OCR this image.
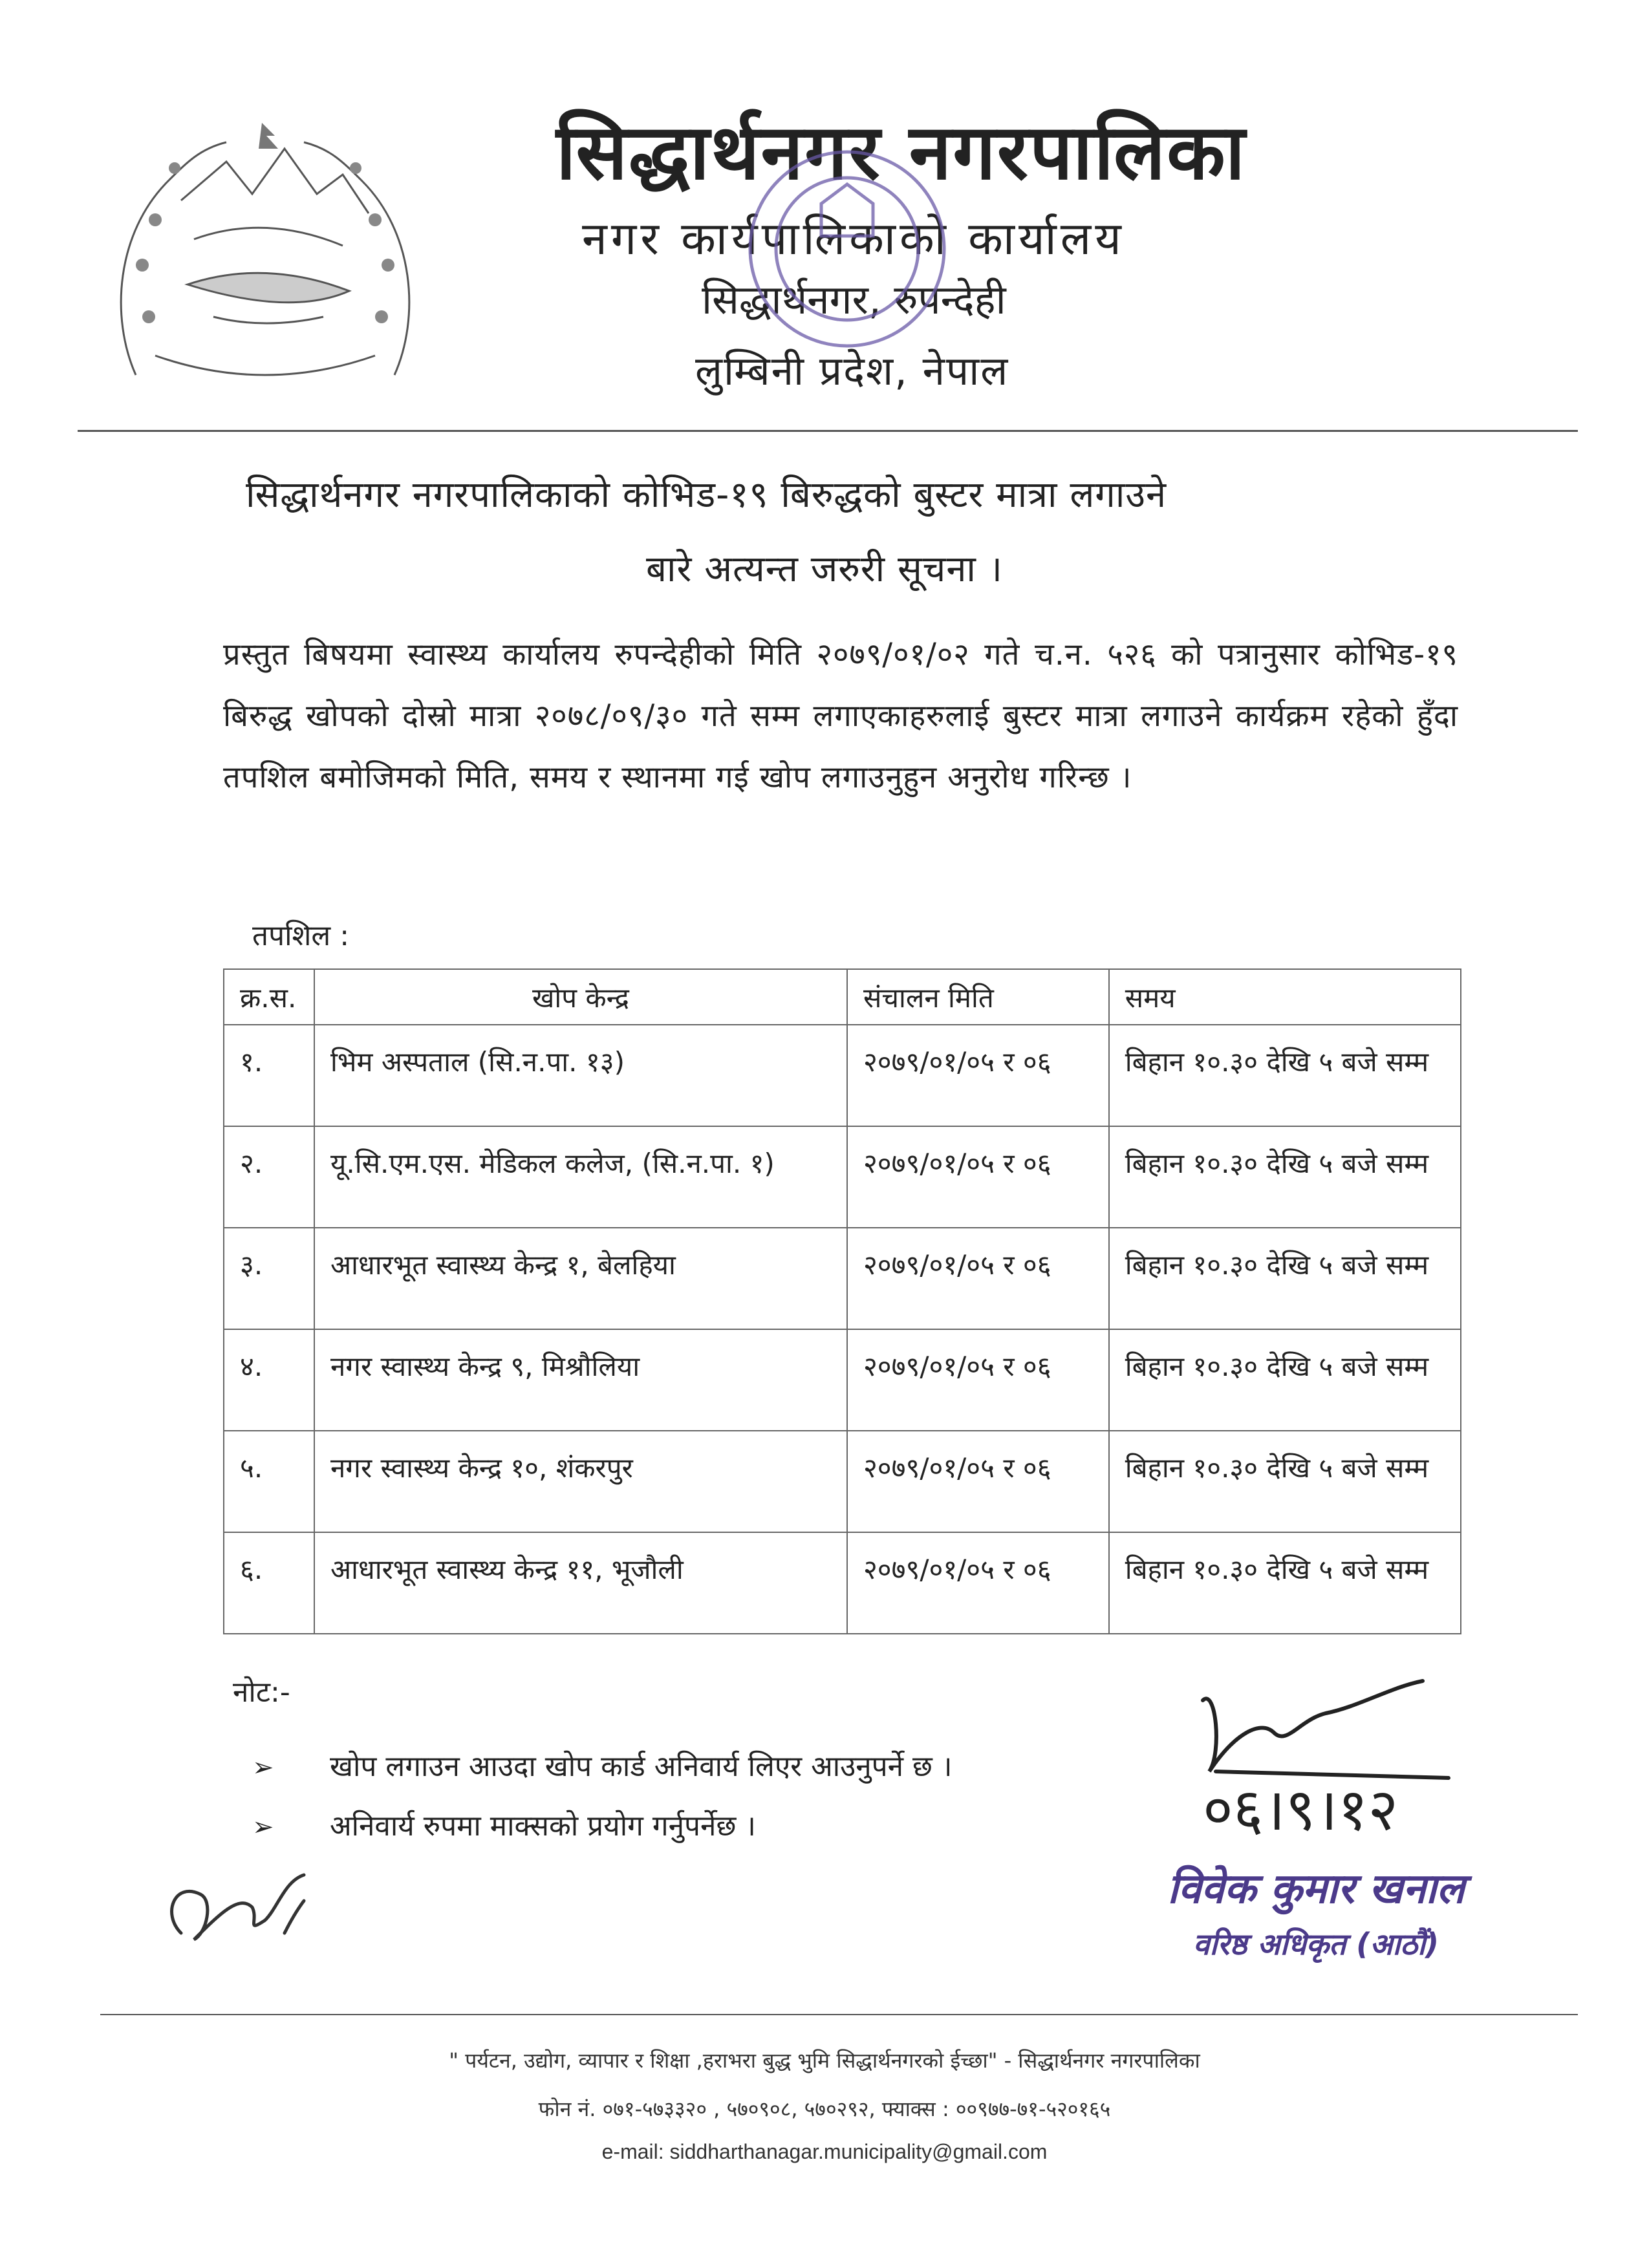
सिद्धार्थनगर नगरपालिका
नगर कार्यपालिकाको कार्यालय
सिद्धार्थनगर, रुपन्देही
लुम्बिनी प्रदेश, नेपाल
सिद्धार्थनगर नगरपालिकाको कोभिड-१९ बिरुद्धको बुस्टर मात्रा लगाउने
बारे अत्यन्त जरुरी सूचना ।
प्रस्तुत बिषयमा स्वास्थ्य कार्यालय रुपन्देहीको मिति २०७९/०१/०२ गते च.न. ५२६ को पत्रानुसार कोभिड-१९ बिरुद्ध खोपको दोस्रो मात्रा २०७८/०९/३० गते सम्म लगाएकाहरुलाई बुस्टर मात्रा लगाउने कार्यक्रम रहेको हुँदा तपशिल बमोजिमको मिति, समय र स्थानमा गई खोप लगाउनुहुन अनुरोध गरिन्छ ।
तपशिल :
क्र.स.	खोप केन्द्र	संचालन मिति	समय
१.	भिम अस्पताल (सि.न.पा. १३)	२०७९/०१/०५ र ०६	बिहान १०.३० देखि ५ बजे सम्म
२.	यू.सि.एम.एस. मेडिकल कलेज, (सि.न.पा. १)	२०७९/०१/०५ र ०६	बिहान १०.३० देखि ५ बजे सम्म
३.	आधारभूत स्वास्थ्य केन्द्र १, बेलहिया	२०७९/०१/०५ र ०६	बिहान १०.३० देखि ५ बजे सम्म
४.	नगर स्वास्थ्य केन्द्र ९, मिश्रौलिया	२०७९/०१/०५ र ०६	बिहान १०.३० देखि ५ बजे सम्म
५.	नगर स्वास्थ्य केन्द्र १०, शंकरपुर	२०७९/०१/०५ र ०६	बिहान १०.३० देखि ५ बजे सम्म
६.	आधारभूत स्वास्थ्य केन्द्र ११, भूजौली	२०७९/०१/०५ र ०६	बिहान १०.३० देखि ५ बजे सम्म
नोट:-
➢ खोप लगाउन आउदा खोप कार्ड अनिवार्य लिएर आउनुपर्ने छ ।
➢ अनिवार्य रुपमा माक्सको प्रयोग गर्नुपर्नेछ ।	०६।९।१२
विवेक कुमार खनाल
वरिष्ठ अधिकृत (आठौं)
" पर्यटन, उद्योग, व्यापार र शिक्षा ,हराभरा बुद्ध भुमि सिद्धार्थनगरको ईच्छा" - सिद्धार्थनगर नगरपालिका
फोन नं. ०७१-५७३३२० , ५७०९०८, ५७०२९२, फ्याक्स : ००९७७-७१-५२०१६५
e-mail: siddharthanagar.municipality@gmail.com
